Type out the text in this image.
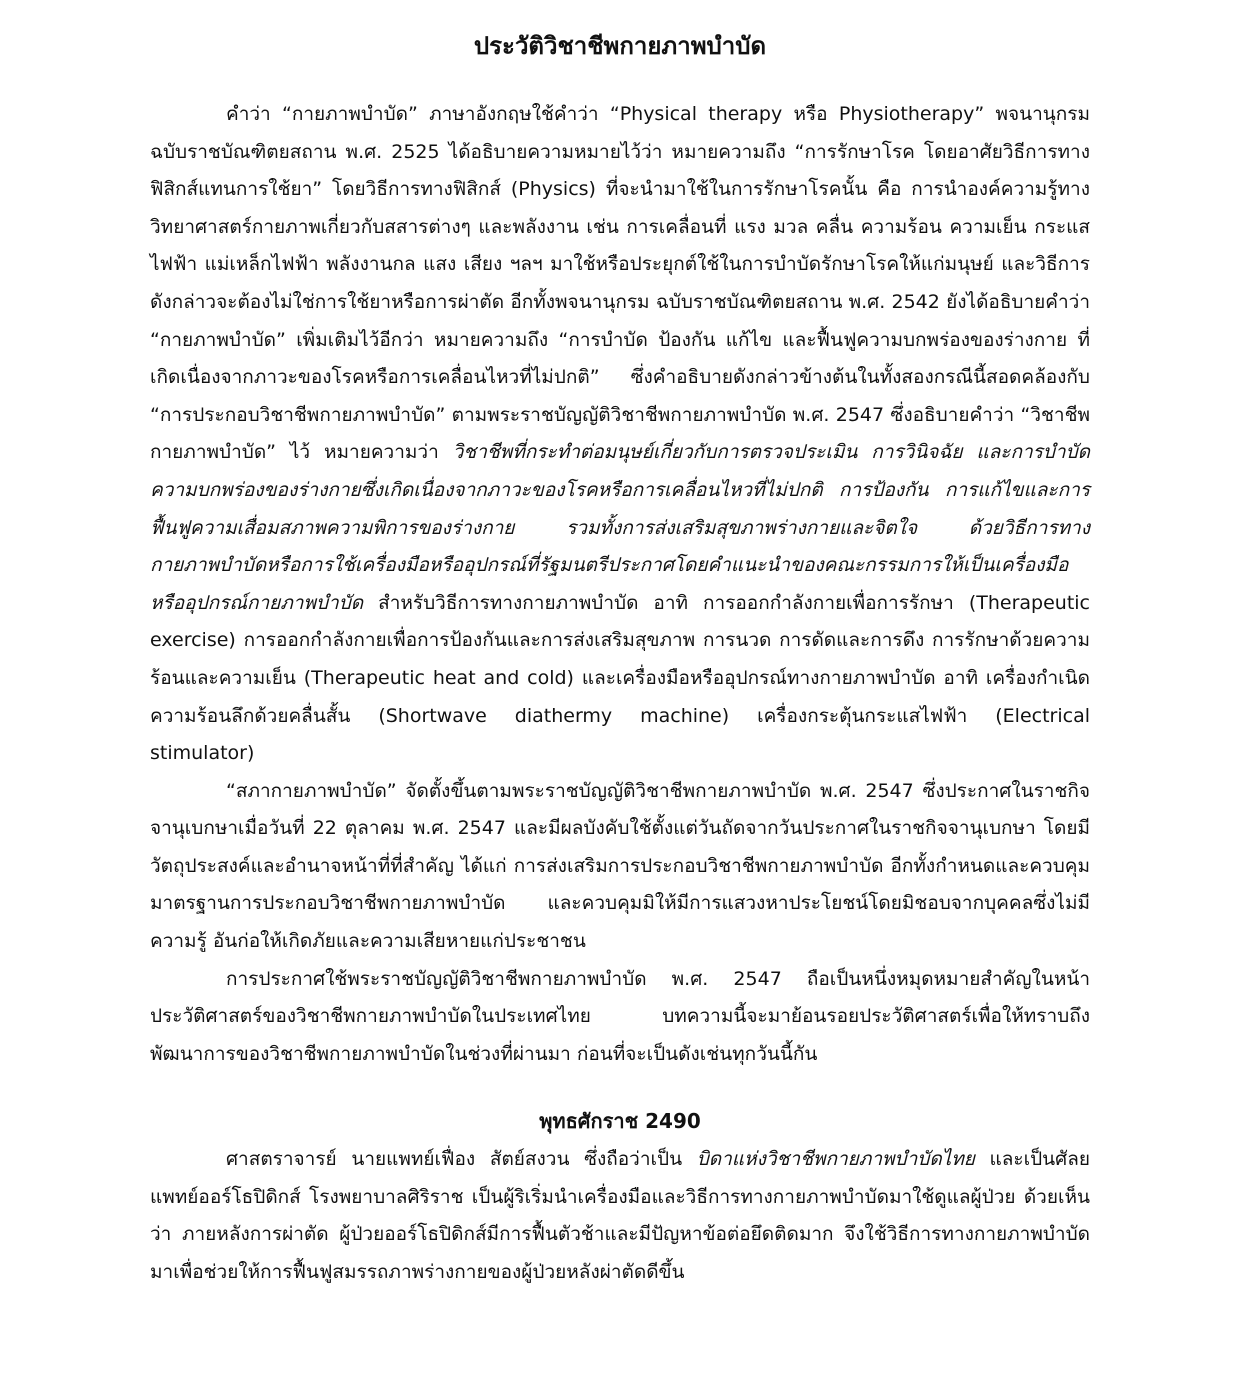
ประวัติวิชาชีพกายภาพบำบัด

คำว่า “กายภาพบำบัด” ภาษาอังกฤษใช้คำว่า “Physical therapy หรือ Physiotherapy” พจนานุกรมฉบับราชบัณฑิตยสถาน พ.ศ. 2525 ได้อธิบายความหมายไว้ว่า หมายความถึง “การรักษาโรค โดยอาศัยวิธีการทางฟิสิกส์แทนการใช้ยา” โดยวิธีการทางฟิสิกส์ (Physics) ที่จะนำมาใช้ในการรักษาโรคนั้น คือ การนำองค์ความรู้ทางวิทยาศาสตร์กายภาพเกี่ยวกับสสารต่างๆ และพลังงาน เช่น การเคลื่อนที่ แรง มวล คลื่น ความร้อน ความเย็น กระแสไฟฟ้า แม่เหล็กไฟฟ้า พลังงานกล แสง เสียง ฯลฯ มาใช้หรือประยุกต์ใช้ในการบำบัดรักษาโรคให้แก่มนุษย์ และวิธีการดังกล่าวจะต้องไม่ใช่การใช้ยาหรือการผ่าตัด อีกทั้งพจนานุกรม ฉบับราชบัณฑิตยสถาน พ.ศ. 2542 ยังได้อธิบายคำว่า “กายภาพบำบัด” เพิ่มเติมไว้อีกว่า หมายความถึง “การบำบัด ป้องกัน แก้ไข และฟื้นฟูความบกพร่องของร่างกาย ที่เกิดเนื่องจากภาวะของโรคหรือการเคลื่อนไหวที่ไม่ปกติ” ซึ่งคำอธิบายดังกล่าวข้างต้นในทั้งสองกรณีนี้สอดคล้องกับ “การประกอบวิชาชีพกายภาพบำบัด” ตามพระราชบัญญัติวิชาชีพกายภาพบำบัด พ.ศ. 2547 ซึ่งอธิบายคำว่า “วิชาชีพกายภาพบำบัด” ไว้ หมายความว่า วิชาชีพที่กระทำต่อมนุษย์เกี่ยวกับการตรวจประเมิน การวินิจฉัย และการบำบัดความบกพร่องของร่างกายซึ่งเกิดเนื่องจากภาวะของโรคหรือการเคลื่อนไหวที่ไม่ปกติ การป้องกัน การแก้ไขและการฟื้นฟูความเสื่อมสภาพความพิการของร่างกาย รวมทั้งการส่งเสริมสุขภาพร่างกายและจิตใจ ด้วยวิธีการทางกายภาพบำบัดหรือการใช้เครื่องมือหรืออุปกรณ์ที่รัฐมนตรีประกาศโดยคำแนะนำของคณะกรรมการให้เป็นเครื่องมือหรืออุปกรณ์กายภาพบำบัด สำหรับวิธีการทางกายภาพบำบัด อาทิ การออกกำลังกายเพื่อการรักษา (Therapeutic exercise) การออกกำลังกายเพื่อการป้องกันและการส่งเสริมสุขภาพ การนวด การดัดและการดึง การรักษาด้วยความร้อนและความเย็น (Therapeutic heat and cold) และเครื่องมือหรืออุปกรณ์ทางกายภาพบำบัด อาทิ เครื่องกำเนิดความร้อนลึกด้วยคลื่นสั้น (Shortwave diathermy machine) เครื่องกระตุ้นกระแสไฟฟ้า (Electrical stimulator)

“สภากายภาพบำบัด” จัดตั้งขึ้นตามพระราชบัญญัติวิชาชีพกายภาพบำบัด พ.ศ. 2547 ซึ่งประกาศในราชกิจจานุเบกษาเมื่อวันที่ 22 ตุลาคม พ.ศ. 2547 และมีผลบังคับใช้ตั้งแต่วันถัดจากวันประกาศในราชกิจจานุเบกษา โดยมีวัตถุประสงค์และอำนาจหน้าที่ที่สำคัญ ได้แก่ การส่งเสริมการประกอบวิชาชีพกายภาพบำบัด อีกทั้งกำหนดและควบคุมมาตรฐานการประกอบวิชาชีพกายภาพบำบัด และควบคุมมิให้มีการแสวงหาประโยชน์โดยมิชอบจากบุคคลซึ่งไม่มีความรู้ อันก่อให้เกิดภัยและความเสียหายแก่ประชาชน

การประกาศใช้พระราชบัญญัติวิชาชีพกายภาพบำบัด พ.ศ. 2547 ถือเป็นหนึ่งหมุดหมายสำคัญในหน้าประวัติศาสตร์ของวิชาชีพกายภาพบำบัดในประเทศไทย บทความนี้จะมาย้อนรอยประวัติศาสตร์เพื่อให้ทราบถึงพัฒนาการของวิชาชีพกายภาพบำบัดในช่วงที่ผ่านมา ก่อนที่จะเป็นดังเช่นทุกวันนี้กัน

พุทธศักราช 2490

ศาสตราจารย์ นายแพทย์เฟื่อง สัตย์สงวน ซึ่งถือว่าเป็น บิดาแห่งวิชาชีพกายภาพบำบัดไทย และเป็นศัลยแพทย์ออร์โธปิดิกส์ โรงพยาบาลศิริราช เป็นผู้ริเริ่มนำเครื่องมือและวิธีการทางกายภาพบำบัดมาใช้ดูแลผู้ป่วย ด้วยเห็นว่า ภายหลังการผ่าตัด ผู้ป่วยออร์โธปิดิกส์มีการฟื้นตัวช้าและมีปัญหาข้อต่อยึดติดมาก จึงใช้วิธีการทางกายภาพบำบัดมาเพื่อช่วยให้การฟื้นฟูสมรรถภาพร่างกายของผู้ป่วยหลังผ่าตัดดีขึ้น
